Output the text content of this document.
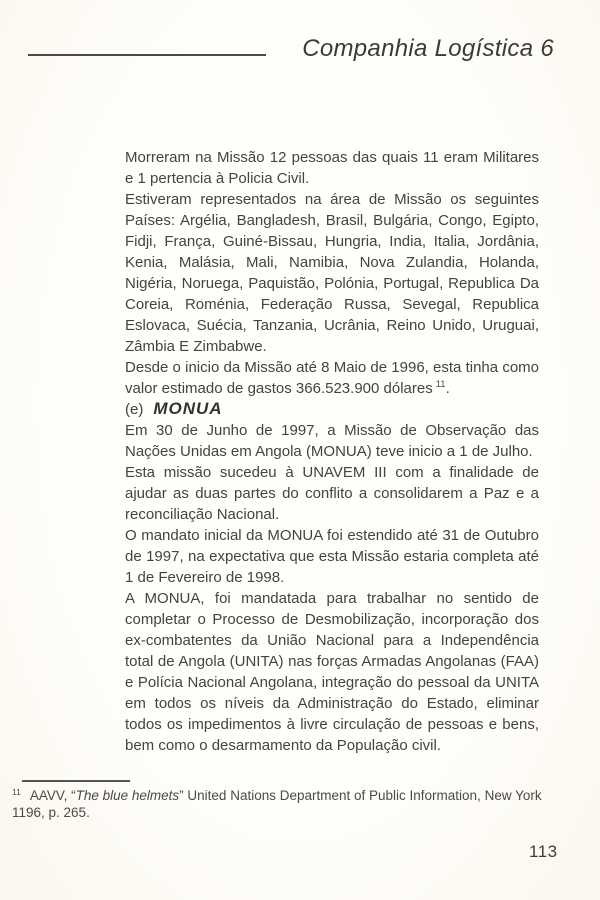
Companhia Logística 6

Morreram na Missão 12 pessoas das quais 11 eram Militares e 1 pertencia à Policia Civil.

Estiveram representados na área de Missão os seguintes Países: Argélia, Bangladesh, Brasil, Bulgária, Congo, Egipto, Fidji, França, Guiné-Bissau, Hungria, India, Italia, Jordânia, Kenia, Malásia, Mali, Namibia, Nova Zulandia, Holanda, Nigéria, Noruega, Paquistão, Polónia, Portugal, Republica Da Coreia, Roménia, Federação Russa, Sevegal, Republica Eslovaca, Suécia, Tanzania, Ucrânia, Reino Unido, Uruguai, Zâmbia E Zimbabwe.

Desde o inicio da Missão até 8 Maio de 1996, esta tinha como valor estimado de gastos 366.523.900 dólares $^{11}$.

(e) MONUA

Em 30 de Junho de 1997, a Missão de Observação das Nações Unidas em Angola (MONUA) teve inicio a 1 de Julho.

Esta missão sucedeu à UNAVEM III com a finalidade de ajudar as duas partes do conflito a consolidarem a Paz e a reconciliação Nacional.

O mandato inicial da MONUA foi estendido até 31 de Outubro de 1997, na expectativa que esta Missão estaria completa até 1 de Fevereiro de 1998.

A MONUA, foi mandatada para trabalhar no sentido de completar o Processo de Desmobilização, incorporação dos ex-combatentes da União Nacional para a Independência total de Angola (UNITA) nas forças Armadas Angolanas (FAA) e Polícia Nacional Angolana, integração do pessoal da UNITA em todos os níveis da Administração do Estado, eliminar todos os impedimentos à livre circulação de pessoas e bens, bem como o desarmamento da População civil.

$^{11}$ AAVV, “The blue helmets” United Nations Department of Public Information, New York 1196, p. 265.
113
